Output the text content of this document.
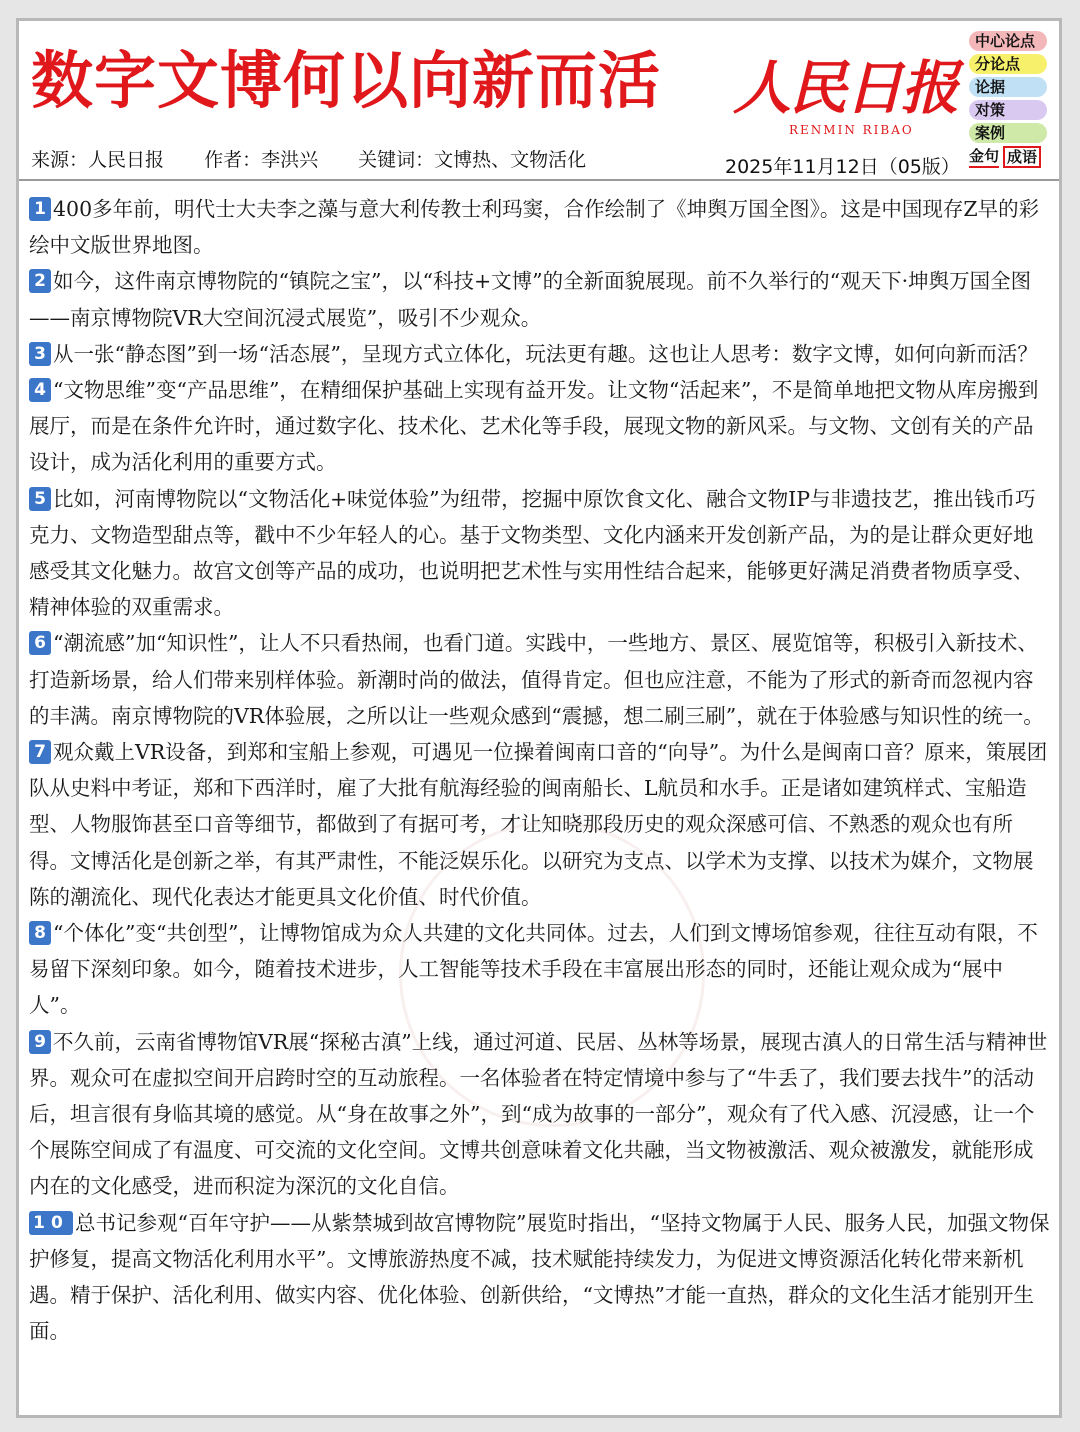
数字文博何以向新而活
来源：人民日报 作者：李洪兴 关键词：文博热、文物活化
人民日报
RENMIN RIBAO
2025年11月12日（05版）
中心论点
分论点
论据
对策
案例
金句 成语

1 400多年前，明代士大夫李之藻与意大利传教士利玛窦，合作绘制了《坤舆万国全图》。这是中国现存Z早的彩绘中文版世界地图。

2 如今，这件南京博物院的“镇院之宝”，以“科技+文博”的全新面貌展现。前不久举行的“观天下·坤舆万国全图——南京博物院VR大空间沉浸式展览”，吸引不少观众。

3 从一张“静态图”到一场“活态展”，呈现方式立体化，玩法更有趣。这也让人思考：数字文博，如何向新而活？

4 “文物思维”变“产品思维”，在精细保护基础上实现有益开发。让文物“活起来”，不是简单地把文物从库房搬到展厅，而是在条件允许时，通过数字化、技术化、艺术化等手段，展现文物的新风采。与文物、文创有关的产品设计，成为活化利用的重要方式。

5 比如，河南博物院以“文物活化+味觉体验”为纽带，挖掘中原饮食文化、融合文物IP与非遗技艺，推出钱币巧克力、文物造型甜点等，戳中不少年轻人的心。基于文物类型、文化内涵来开发创新产品，为的是让群众更好地感受其文化魅力。故宫文创等产品的成功，也说明把艺术性与实用性结合起来，能够更好满足消费者物质享受、精神体验的双重需求。

6 “潮流感”加“知识性”，让人不只看热闹，也看门道。实践中，一些地方、景区、展览馆等，积极引入新技术、打造新场景，给人们带来别样体验。新潮时尚的做法，值得肯定。但也应注意，不能为了形式的新奇而忽视内容的丰满。南京博物院的VR体验展，之所以让一些观众感到“震撼，想二刷三刷”，就在于体验感与知识性的统一。

7 观众戴上VR设备，到郑和宝船上参观，可遇见一位操着闽南口音的“向导”。为什么是闽南口音？原来，策展团队从史料中考证，郑和下西洋时，雇了大批有航海经验的闽南船长、L航员和水手。正是诸如建筑样式、宝船造型、人物服饰甚至口音等细节，都做到了有据可考，才让知晓那段历史的观众深感可信、不熟悉的观众也有所得。文博活化是创新之举，有其严肃性，不能泛娱乐化。以研究为支点、以学术为支撑、以技术为媒介，文物展陈的潮流化、现代化表达才能更具文化价值、时代价值。

8 “个体化”变“共创型”，让博物馆成为众人共建的文化共同体。过去，人们到文博场馆参观，往往互动有限，不易留下深刻印象。如今，随着技术进步，人工智能等技术手段在丰富展出形态的同时，还能让观众成为“展中人”。

9 不久前，云南省博物馆VR展“探秘古滇”上线，通过河道、民居、丛林等场景，展现古滇人的日常生活与精神世界。观众可在虚拟空间开启跨时空的互动旅程。一名体验者在特定情境中参与了“牛丢了，我们要去找牛”的活动后，坦言很有身临其境的感觉。从“身在故事之外”，到“成为故事的一部分”，观众有了代入感、沉浸感，让一个个展陈空间成了有温度、可交流的文化空间。文博共创意味着文化共融，当文物被激活、观众被激发，就能形成内在的文化感受，进而积淀为深沉的文化自信。

10 总书记参观“百年守护——从紫禁城到故宫博物院”展览时指出，“坚持文物属于人民、服务人民，加强文物保护修复，提高文物活化利用水平”。文博旅游热度不减，技术赋能持续发力，为促进文博资源活化转化带来新机遇。精于保护、活化利用、做实内容、优化体验、创新供给，“文博热”才能一直热，群众的文化生活才能别开生面。
